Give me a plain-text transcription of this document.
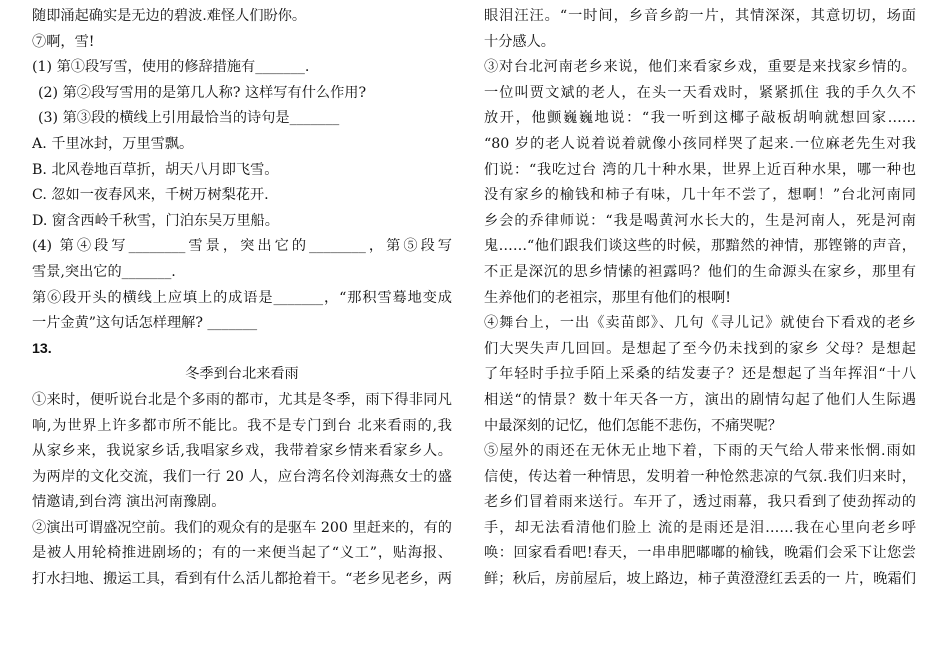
随即涌起确实是无边的碧波.难怪人们盼你。
⑦啊，雪!
(1) 第①段写雪，使用的修辞措施有_______.
(2) 第②段写雪用的是第几人称? 这样写有什么作用?
(3) 第③段的横线上引用最恰当的诗句是_______
A. 千里冰封，万里雪飘。
B. 北风卷地百草折，胡天八月即飞雪。
C. 忽如一夜春风来，千树万树梨花开.
D. 窗含西岭千秋雪，门泊东吴万里船。
(4) 第④段写________雪景，突出它的________，第⑤段写
雪景,突出它的_______.
第⑥段开头的横线上应填上的成语是_______，“那积雪蓦地变成
一片金黄”这句话怎样理解? _______
13.
冬季到台北来看雨
①来时，便听说台北是个多雨的都市，尤其是冬季，雨下得非同凡
响,为世界上许多都市所不能比。我不是专门到台 北来看雨的,我
从家乡来，我说家乡话,我唱家乡戏，我带着家乡情来看家乡人。
为两岸的文化交流，我们一行 20 人，应台湾名伶刘海燕女士的盛
情邀请,到台湾 演出河南豫剧。
②演出可谓盛况空前。我们的观众有的是驱车 200 里赶来的，有的
是被人用轮椅推进剧场的；有的一来便当起了“义工”，贴海报、
打水扫地、搬运工具，看到有什么活儿都抢着干。“老乡见老乡，两
眼泪汪汪。“一时间，乡音乡韵一片，其情深深，其意切切，场面
十分感人。
③对台北河南老乡来说，他们来看家乡戏，重要是来找家乡情的。
一位叫贾文斌的老人，在头一天看戏时，紧紧抓住 我的手久久不
放开，他颤巍巍地说：“我一听到这椰子敲板胡响就想回家……
“80 岁的老人说着说着就像小孩同样哭了起来.一位麻老先生对我
们说：“我吃过台 湾的几十种水果，世界上近百种水果，哪一种也
没有家乡的榆钱和柿子有味，几十年不尝了，想啊！”台北河南同
乡会的乔律师说：“我是喝黄河水长大的，生是河南人，死是河南
鬼……“他们跟我们谈这些的时候，那黯然的神情，那铿锵的声音，
不正是深沉的思乡情愫的袒露吗？他们的生命源头在家乡，那里有
生养他们的老祖宗，那里有他们的根啊!
④舞台上，一出《卖苗郎》、几句《寻儿记》就使台下看戏的老乡
们大哭失声几回回。是想起了至今仍未找到的家乡 父母？是想起
了年轻时手拉手陌上采桑的结发妻子？还是想起了当年挥泪“十八
相送“的情景？数十年天各一方，演出的剧情勾起了他们人生际遇
中最深刻的记忆，他们怎能不悲伤，不痛哭呢？
⑤屋外的雨还在无休无止地下着，下雨的天气给人带来怅惘.雨如
信使，传达着一种情思，发明着一种怆然悲凉的气氛.我们归来时，
老乡们冒着雨来送行。车开了，透过雨幕，我只看到了使劲挥动的
手，却无法看清他们脸上 流的是雨还是泪……我在心里向老乡呼
唤：回家看看吧!春天，一串串肥嘟嘟的榆钱，晚霜们会采下让您尝
鲜；秋后，房前屋后，坡上路边，柿子黄澄澄红丢丢的一 片，晚霜们
